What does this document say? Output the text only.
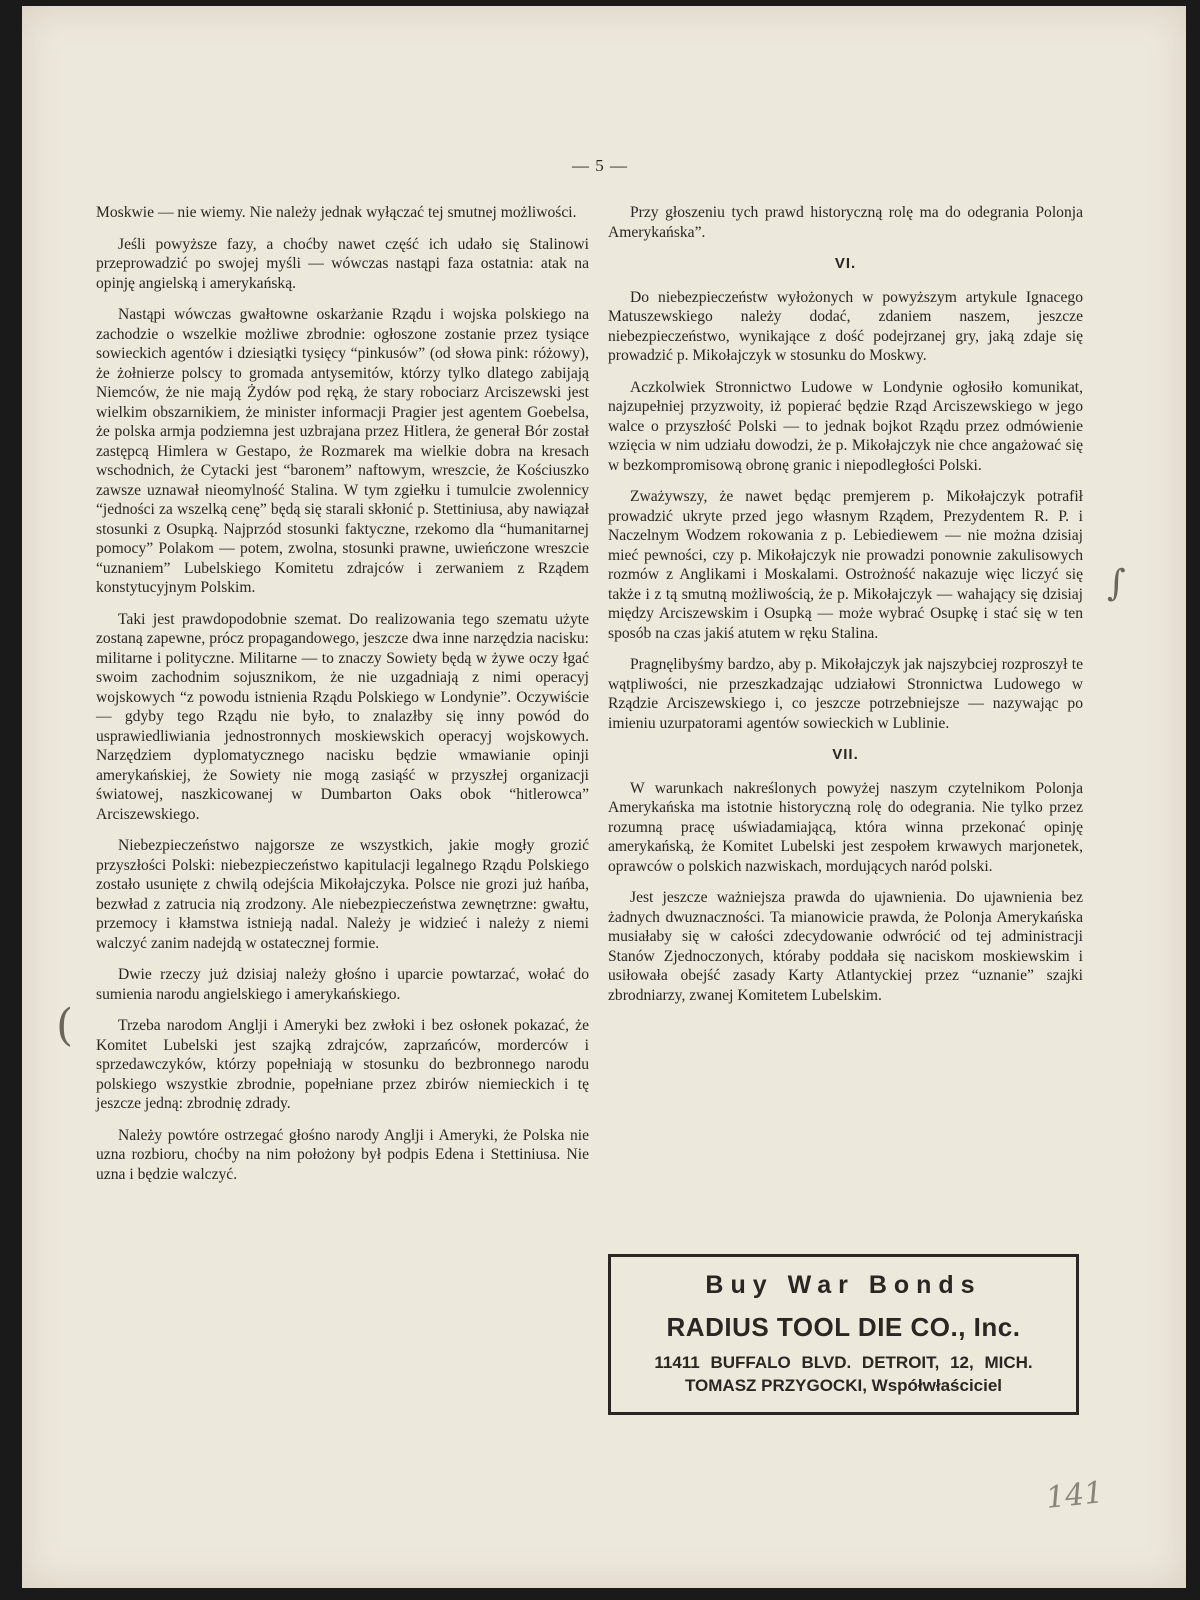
— 5 —

Moskwie — nie wiemy. Nie należy jednak wyłączać tej smutnej możliwości.

Jeśli powyższe fazy, a choćby nawet część ich udało się Stalinowi przeprowadzić po swojej myśli — wówczas nastąpi faza ostatnia: atak na opinję angielską i amerykańską.

Nastąpi wówczas gwałtowne oskarżanie Rządu i wojska polskiego na zachodzie o wszelkie możliwe zbrodnie: ogłoszone zostanie przez tysiące sowieckich agentów i dziesiątki tysięcy “pinkusów” (od słowa pink: różowy), że żołnierze polscy to gromada antysemitów, którzy tylko dlatego zabijają Niemców, że nie mają Żydów pod ręką, że stary robociarz Arciszewski jest wielkim obszarnikiem, że minister informacji Pragier jest agentem Goebelsa, że polska armja podziemna jest uzbrajana przez Hitlera, że generał Bór został zastępcą Himlera w Gestapo, że Rozmarek ma wielkie dobra na kresach wschodnich, że Cytacki jest “baronem” naftowym, wreszcie, że Kościuszko zawsze uznawał nieomylność Stalina. W tym zgiełku i tumulcie zwolennicy “jedności za wszelką cenę” będą się starali skłonić p. Stettiniusa, aby nawiązał stosunki z Osupką. Najprzód stosunki faktyczne, rzekomo dla “humanitarnej pomocy” Polakom — potem, zwolna, stosunki prawne, uwieńczone wreszcie “uznaniem” Lubelskiego Komitetu zdrajców i zerwaniem z Rządem konstytucyjnym Polskim.

Taki jest prawdopodobnie szemat. Do realizowania tego szematu użyte zostaną zapewne, prócz propagandowego, jeszcze dwa inne narzędzia nacisku: militarne i polityczne. Militarne — to znaczy Sowiety będą w żywe oczy łgać swoim zachodnim sojusznikom, że nie uzgadniają z nimi operacyj wojskowych “z powodu istnienia Rządu Polskiego w Londynie”. Oczywiście — gdyby tego Rządu nie było, to znalazłby się inny powód do usprawiedliwiania jednostronnych moskiewskich operacyj wojskowych. Narzędziem dyplomatycznego nacisku będzie wmawianie opinji amerykańskiej, że Sowiety nie mogą zasiąść w przyszłej organizacji światowej, naszkicowanej w Dumbarton Oaks obok “hitlerowca” Arciszewskiego.

Niebezpieczeństwo najgorsze ze wszystkich, jakie mogły grozić przyszłości Polski: niebezpieczeństwo kapitulacji legalnego Rządu Polskiego zostało usunięte z chwilą odejścia Mikołajczyka. Polsce nie grozi już hańba, bezwład z zatrucia nią zrodzony. Ale niebezpieczeństwa zewnętrzne: gwałtu, przemocy i kłamstwa istnieją nadal. Należy je widzieć i należy z niemi walczyć zanim nadejdą w ostatecznej formie.

Dwie rzeczy już dzisiaj należy głośno i uparcie powtarzać, wołać do sumienia narodu angielskiego i amerykańskiego.

Trzeba narodom Anglji i Ameryki bez zwłoki i bez osłonek pokazać, że Komitet Lubelski jest szajką zdrajców, zaprzańców, morderców i sprzedawczyków, którzy popełniają w stosunku do bezbronnego narodu polskiego wszystkie zbrodnie, popełniane przez zbirów niemieckich i tę jeszcze jedną: zbrodnię zdrady.

Należy powtóre ostrzegać głośno narody Anglji i Ameryki, że Polska nie uzna rozbioru, choćby na nim położony był podpis Edena i Stettiniusa. Nie uzna i będzie walczyć.

Przy głoszeniu tych prawd historyczną rolę ma do odegrania Polonja Amerykańska”.

VI.

Do niebezpieczeństw wyłożonych w powyższym artykule Ignacego Matuszewskiego należy dodać, zdaniem naszem, jeszcze niebezpieczeństwo, wynikające z dość podejrzanej gry, jaką zdaje się prowadzić p. Mikołajczyk w stosunku do Moskwy.

Aczkolwiek Stronnictwo Ludowe w Londynie ogłosiło komunikat, najzupełniej przyzwoity, iż popierać będzie Rząd Arciszewskiego w jego walce o przyszłość Polski — to jednak bojkot Rządu przez odmówienie wzięcia w nim udziału dowodzi, że p. Mikołajczyk nie chce angażować się w bezkompromisową obronę granic i niepodległości Polski.

Zważywszy, że nawet będąc premjerem p. Mikołajczyk potrafił prowadzić ukryte przed jego własnym Rządem, Prezydentem R. P. i Naczelnym Wodzem rokowania z p. Lebiediewem — nie można dzisiaj mieć pewności, czy p. Mikołajczyk nie prowadzi ponownie zakulisowych rozmów z Anglikami i Moskalami. Ostrożność nakazuje więc liczyć się także i z tą smutną możliwością, że p. Mikołajczyk — wahający się dzisiaj między Arciszewskim i Osupką — może wybrać Osupkę i stać się w ten sposób na czas jakiś atutem w ręku Stalina.

Pragnęlibyśmy bardzo, aby p. Mikołajczyk jak najszybciej rozproszył te wątpliwości, nie przeszkadzając udziałowi Stronnictwa Ludowego w Rządzie Arciszewskiego i, co jeszcze potrzebniejsze — nazywając po imieniu uzurpatorami agentów sowieckich w Lublinie.

VII.

W warunkach nakreślonych powyżej naszym czytelnikom Polonja Amerykańska ma istotnie historyczną rolę do odegrania. Nie tylko przez rozumną pracę uświadamiającą, która winna przekonać opinję amerykańską, że Komitet Lubelski jest zespołem krwawych marjonetek, oprawców o polskich nazwiskach, mordujących naród polski.

Jest jeszcze ważniejsza prawda do ujawnienia. Do ujawnienia bez żadnych dwuznaczności. Ta mianowicie prawda, że Polonja Amerykańska musiałaby się w całości zdecydowanie odwrócić od tej administracji Stanów Zjednoczonych, któraby poddała się naciskom moskiewskim i usiłowała obejść zasady Karty Atlantyckiej przez “uznanie” szajki zbrodniarzy, zwanej Komitetem Lubelskim.

Buy War Bonds
RADIUS TOOL DIE CO., Inc.
11411 BUFFALO BLVD. DETROIT, 12, MICH.
TOMASZ PRZYGOCKI, Współwłaściciel
∫
(
141
